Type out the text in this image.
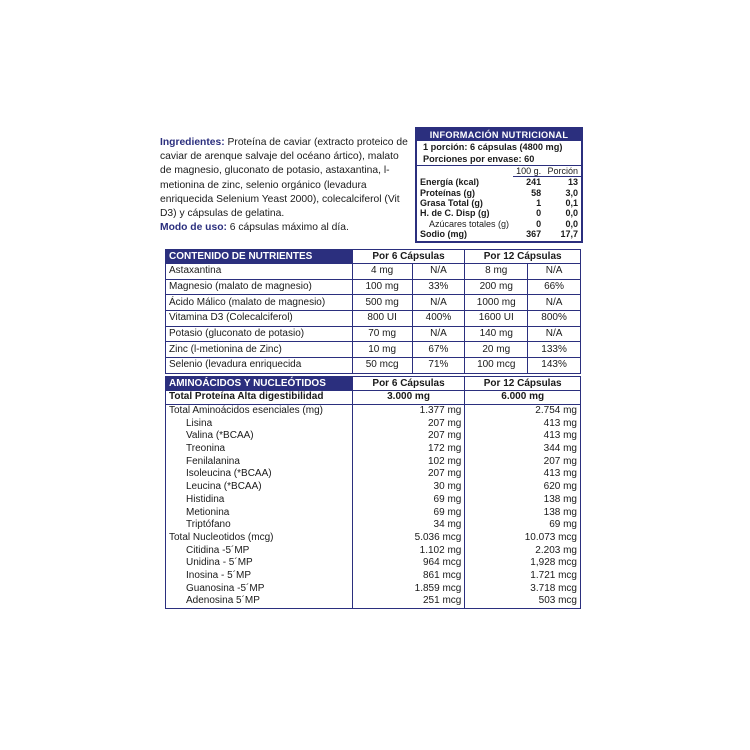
Ingredientes: Proteína de caviar (extracto proteico de caviar de arenque salvaje del océano ártico), malato de magnesio, gluconato de potasio, astaxantina, l-metionina de zinc, selenio orgánico (levadura enriquecida Selenium Yeast 2000), colecalciferol (Vit D3) y cápsulas de gelatina.
Modo de uso: 6 cápsulas máximo al día.
INFORMACIÓN NUTRICIONAL
1 porción: 6 cápsulas (4800 mg)
Porciones por envase: 60
	100 g.	Porción
Energía (kcal)	241	13
Proteínas (g)	58	3,0
Grasa Total (g)	1	0,1
H. de C. Disp (g)	0	0,0
Azúcares totales (g)	0	0,0
Sodio (mg)	367	17,7
CONTENIDO DE NUTRIENTES	Por 6 Cápsulas		Por 12 Cápsulas	
Astaxantina	4 mg	N/A	8 mg	N/A
Magnesio (malato de magnesio)	100 mg	33%	200 mg	66%
Ácido Málico (malato de magnesio)	500 mg	N/A	1000 mg	N/A
Vitamina D3 (Colecalciferol)	800 UI	400%	1600 UI	800%
Potasio (gluconato de potasio)	70 mg	N/A	140 mg	N/A
Zinc (l-metionina de Zinc)	10 mg	67%	20 mg	133%
Selenio (levadura enriquecida	50 mcg	71%	100 mcg	143%
AMINOÁCIDOS Y NUCLEÓTIDOS	Por 6 Cápsulas	Por 12 Cápsulas
Total Proteína Alta digestibilidad	3.000 mg	6.000 mg
Total Aminoácidos esenciales (mg)	1.377 mg	2.754 mg
Lisina	207 mg	413 mg
Valina (*BCAA)	207 mg	413 mg
Treonina	172 mg	344 mg
Fenilalanina	102 mg	207 mg
Isoleucina (*BCAA)	207 mg	413 mg
Leucina (*BCAA)	30 mg	620 mg
Histidina	69 mg	138 mg
Metionina	69 mg	138 mg
Triptófano	34 mg	69 mg
Total Nucleotidos (mcg)	5.036 mcg	10.073 mcg
Citidina -5´MP	1.102 mg	2.203 mg
Unidina - 5´MP	964 mcg	1,928 mcg
Inosina - 5´MP	861 mcg	1.721 mcg
Guanosina -5´MP	1.859 mcg	3.718 mcg
Adenosina 5´MP	251 mcg	503 mcg
